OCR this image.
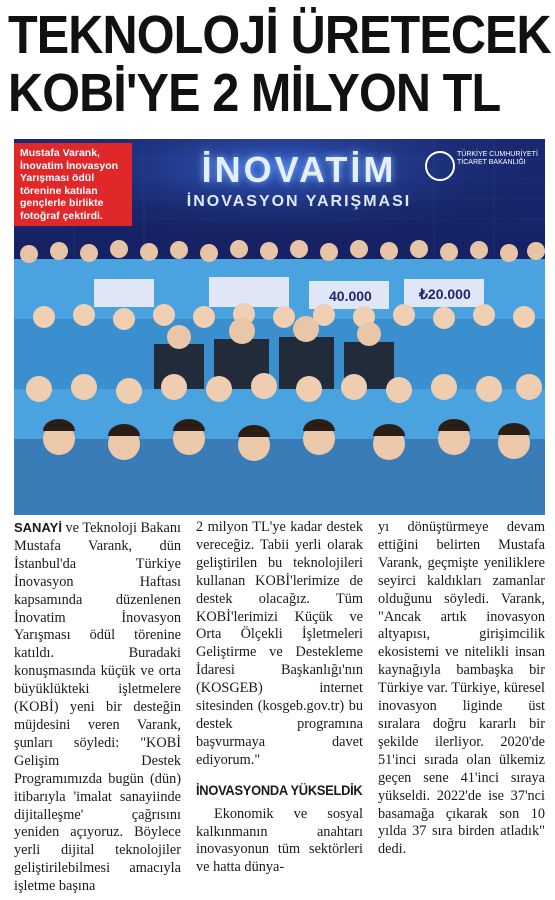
TEKNOLOJİ ÜRETECEK
KOBİ'YE 2 MİLYON TL
40.000	₺20.000
İNOVATİM
İNOVASYON YARIŞMASI
TÜRKİYE CUMHURİYETİ
TİCARET BAKANLIĞI
Mustafa Varank, İnovatim İnovasyon Yarışması ödül törenine katılan gençlerle birlikte fotoğraf çektirdi.

SANAYİ ve Teknoloji Bakanı Mustafa Varank, dün İstanbul'da Türkiye İnovasyon Haftası kapsamında düzenlenen İnovatim İnovasyon Yarışması ödül törenine katıldı. Buradaki konuşmasında küçük ve orta büyüklükteki işletmelere (KOBİ) yeni bir desteğin müjdesini veren Varank, şunları söyledi: "KOBİ Gelişim Destek Programımızda bugün (dün) itibarıyla 'imalat sanayiinde dijitalleşme' çağrısını yeniden açıyoruz. Böylece yerli dijital teknolojiler geliştirilebilmesi amacıyla işletme başına

2 milyon TL'ye kadar destek vereceğiz. Tabii yerli olarak geliştirilen bu teknolojileri kullanan KOBİ'lerimize de destek olacağız. Tüm KOBİ'lerimizi Küçük ve Orta Ölçekli İşletmeleri Geliştirme ve Destekleme İdaresi Başkanlığı'nın (KOSGEB) internet sitesinden (kosgeb.gov.tr) bu destek programına başvurmaya davet ediyorum."

İNOVASYONDA YÜKSELDİK

Ekonomik ve sosyal kalkınmanın anahtarı inovasyonun tüm sektörleri ve hatta dünya-

yı dönüştürmeye devam ettiğini belirten Mustafa Varank, geçmişte yeniliklere seyirci kaldıkları zamanlar olduğunu söyledi. Varank, "Ancak artık inovasyon altyapısı, girişimcilik ekosistemi ve nitelikli insan kaynağıyla bambaşka bir Türkiye var. Türkiye, küresel inovasyon liginde üst sıralara doğru kararlı bir şekilde ilerliyor. 2020'de 51'inci sırada olan ülkemiz geçen sene 41'inci sıraya yükseldi. 2022'de ise 37'nci basamağa çıkarak son 10 yılda 37 sıra birden atladık" dedi.
